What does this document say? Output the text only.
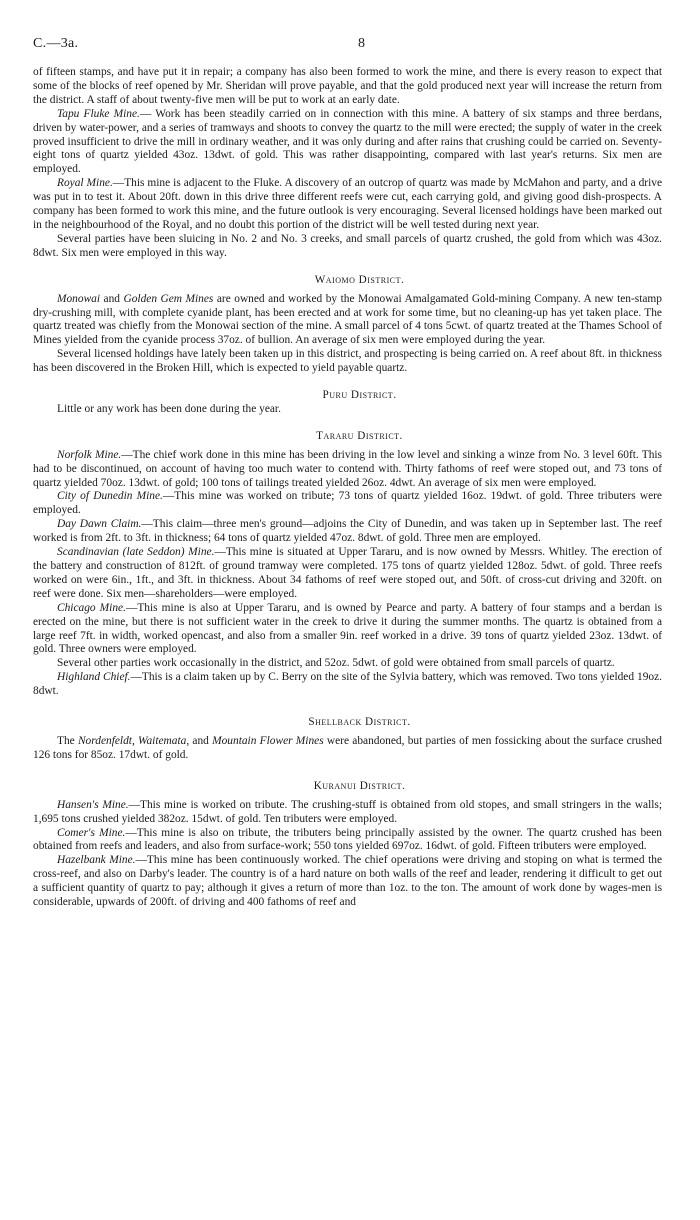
C.—3a.	8

of fifteen stamps, and have put it in repair; a company has also been formed to work the mine, and there is every reason to expect that some of the blocks of reef opened by Mr. Sheridan will prove payable, and that the gold produced next year will increase the return from the district. A staff of about twenty-five men will be put to work at an early date.

Tapu Fluke Mine.— Work has been steadily carried on in connection with this mine. A battery of six stamps and three berdans, driven by water-power, and a series of tramways and shoots to convey the quartz to the mill were erected; the supply of water in the creek proved insufficient to drive the mill in ordinary weather, and it was only during and after rains that crushing could be carried on. Seventy-eight tons of quartz yielded 43oz. 13dwt. of gold. This was rather disappointing, compared with last year's returns. Six men are employed.

Royal Mine.—This mine is adjacent to the Fluke. A discovery of an outcrop of quartz was made by McMahon and party, and a drive was put in to test it. About 20ft. down in this drive three different reefs were cut, each carrying gold, and giving good dish-prospects. A company has been formed to work this mine, and the future outlook is very encouraging. Several licensed holdings have been marked out in the neighbourhood of the Royal, and no doubt this portion of the district will be well tested during next year.

Several parties have been sluicing in No. 2 and No. 3 creeks, and small parcels of quartz crushed, the gold from which was 43oz. 8dwt. Six men were employed in this way.

Waiomo District.

Monowai and Golden Gem Mines are owned and worked by the Monowai Amalgamated Gold-mining Company. A new ten-stamp dry-crushing mill, with complete cyanide plant, has been erected and at work for some time, but no cleaning-up has yet taken place. The quartz treated was chiefly from the Monowai section of the mine. A small parcel of 4 tons 5cwt. of quartz treated at the Thames School of Mines yielded from the cyanide process 37oz. of bullion. An average of six men were employed during the year.

Several licensed holdings have lately been taken up in this district, and prospecting is being carried on. A reef about 8ft. in thickness has been discovered in the Broken Hill, which is expected to yield payable quartz.

Puru District.

Little or any work has been done during the year.

Tararu District.

Norfolk Mine.—The chief work done in this mine has been driving in the low level and sinking a winze from No. 3 level 60ft. This had to be discontinued, on account of having too much water to contend with. Thirty fathoms of reef were stoped out, and 73 tons of quartz yielded 70oz. 13dwt. of gold; 100 tons of tailings treated yielded 26oz. 4dwt. An average of six men were employed.

City of Dunedin Mine.—This mine was worked on tribute; 73 tons of quartz yielded 16oz. 19dwt. of gold. Three tributers were employed.

Day Dawn Claim.—This claim—three men's ground—adjoins the City of Dunedin, and was taken up in September last. The reef worked is from 2ft. to 3ft. in thickness; 64 tons of quartz yielded 47oz. 8dwt. of gold. Three men are employed.

Scandinavian (late Seddon) Mine.—This mine is situated at Upper Tararu, and is now owned by Messrs. Whitley. The erection of the battery and construction of 812ft. of ground tramway were completed. 175 tons of quartz yielded 128oz. 5dwt. of gold. Three reefs worked on were 6in., 1ft., and 3ft. in thickness. About 34 fathoms of reef were stoped out, and 50ft. of cross-cut driving and 320ft. on reef were done. Six men—shareholders—were employed.

Chicago Mine.—This mine is also at Upper Tararu, and is owned by Pearce and party. A battery of four stamps and a berdan is erected on the mine, but there is not sufficient water in the creek to drive it during the summer months. The quartz is obtained from a large reef 7ft. in width, worked opencast, and also from a smaller 9in. reef worked in a drive. 39 tons of quartz yielded 23oz. 13dwt. of gold. Three owners were employed.

Several other parties work occasionally in the district, and 52oz. 5dwt. of gold were obtained from small parcels of quartz.

Highland Chief.—This is a claim taken up by C. Berry on the site of the Sylvia battery, which was removed. Two tons yielded 19oz. 8dwt.

Shellback District.

The Nordenfeldt, Waitemata, and Mountain Flower Mines were abandoned, but parties of men fossicking about the surface crushed 126 tons for 85oz. 17dwt. of gold.

Kuranui District.

Hansen's Mine.—This mine is worked on tribute. The crushing-stuff is obtained from old stopes, and small stringers in the walls; 1,695 tons crushed yielded 382oz. 15dwt. of gold. Ten tributers were employed.

Comer's Mine.—This mine is also on tribute, the tributers being principally assisted by the owner. The quartz crushed has been obtained from reefs and leaders, and also from surface-work; 550 tons yielded 697oz. 16dwt. of gold. Fifteen tributers were employed.

Hazelbank Mine.—This mine has been continuously worked. The chief operations were driving and stoping on what is termed the cross-reef, and also on Darby's leader. The country is of a hard nature on both walls of the reef and leader, rendering it difficult to get out a sufficient quantity of quartz to pay; although it gives a return of more than 1oz. to the ton. The amount of work done by wages-men is considerable, upwards of 200ft. of driving and 400 fathoms of reef and
